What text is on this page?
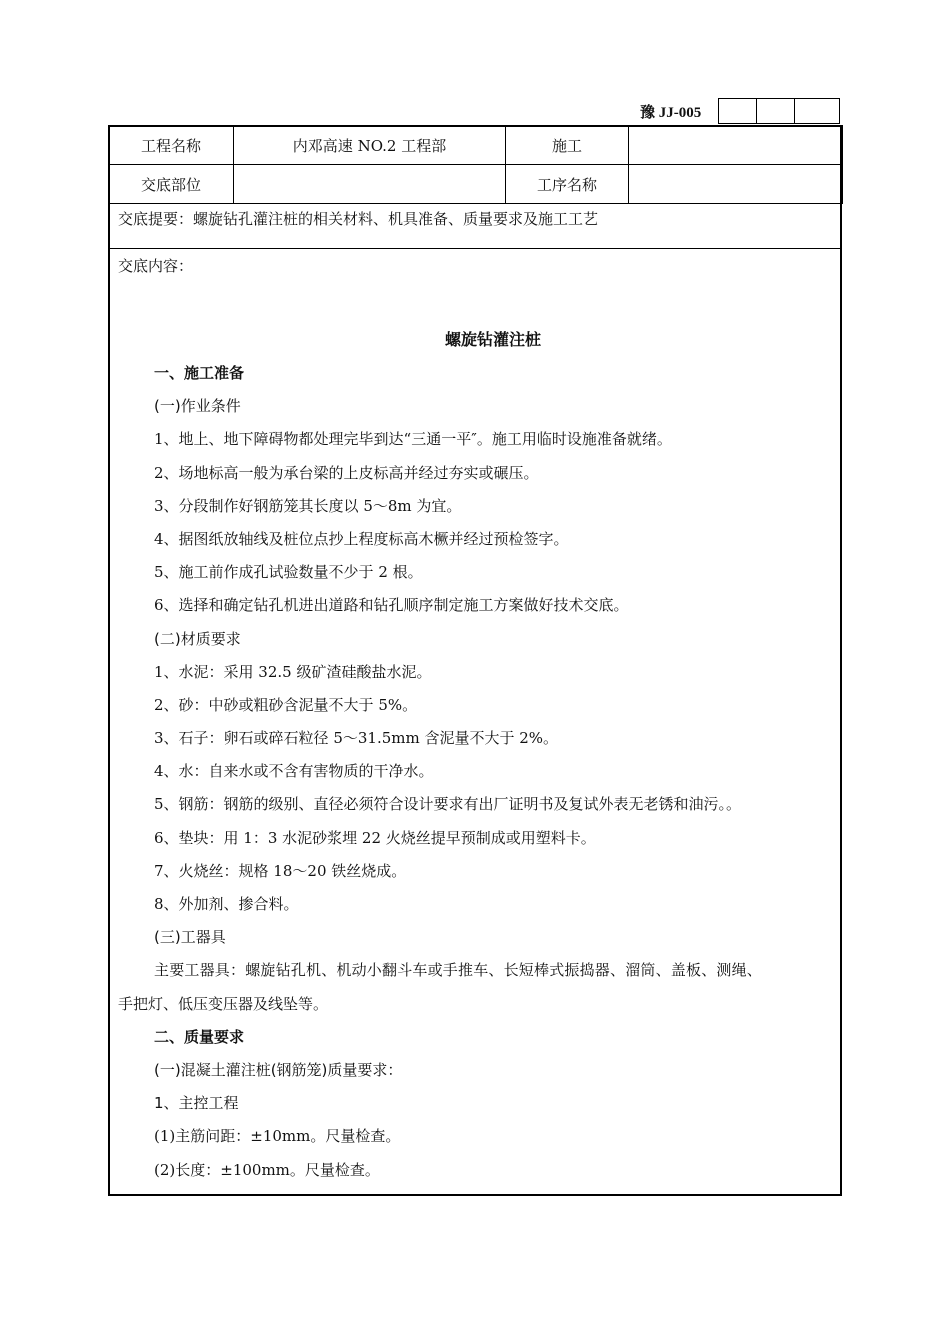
豫 JJ-005
工程名称	内邓高速 NO.2 工程部	施工	
交底部位		工序名称	
交底提要：螺旋钻孔灌注桩的相关材料、机具准备、质量要求及施工工艺
交底内容：
螺旋钻灌注桩
一、施工准备
(一)作业条件
1、地上、地下障碍物都处理完毕到达“三通一平″。施工用临时设施准备就绪。
2、场地标高一般为承台梁的上皮标高并经过夯实或碾压。
3、分段制作好钢筋笼其长度以 5～8m 为宜。
4、据图纸放轴线及桩位点抄上程度标高木橛并经过预检签字。
5、施工前作成孔试验数量不少于 2 根。
6、选择和确定钻孔机进出道路和钻孔顺序制定施工方案做好技术交底。
(二)材质要求
1、水泥：采用 32.5 级矿渣硅酸盐水泥。
2、砂：中砂或粗砂含泥量不大于 5%。
3、石子：卵石或碎石粒径 5～31.5mm 含泥量不大于 2%。
4、水：自来水或不含有害物质的干净水。
5、钢筋：钢筋的级别、直径必须符合设计要求有出厂证明书及复试外表无老锈和油污。。
6、垫块：用 1：3 水泥砂浆埋 22 火烧丝提早预制成或用塑料卡。
7、火烧丝：规格 18～20 铁丝烧成。
8、外加剂、掺合料。
(三)工器具
主要工器具：螺旋钻孔机、机动小翻斗车或手推车、长短棒式振捣器、溜筒、盖板、测绳、
手把灯、低压变压器及线坠等。
二、质量要求
(一)混凝土灌注桩(钢筋笼)质量要求：
1、主控工程
(1)主筋问距：±10mm。尺量检查。
(2)长度：±100mm。尺量检查。
